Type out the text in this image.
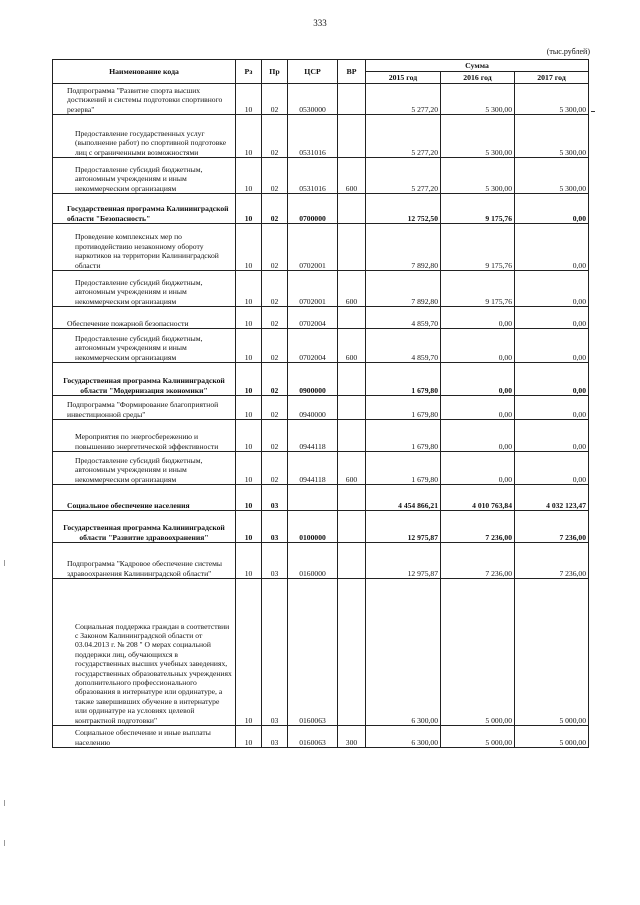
333
(тыс.рублей)
Наименование кода	Рз	Пр	ЦСР	ВР	Сумма		
					2015 год	2016 год	2017 год
Подпрограмма "Развитие спорта высших достижений и системы подготовки спортивного резерва"	10	02	0530000		5 277,20	5 300,00	5 300,00
Предоставление государственных услуг (выполнение работ) по спортивной подготовке лиц с ограниченными возможностями	10	02	0531016		5 277,20	5 300,00	5 300,00
Предоставление субсидий бюджетным, автономным учреждениям и иным некоммерческим организациям	10	02	0531016	600	5 277,20	5 300,00	5 300,00
Государственная программа Калининградской области "Безопасность"	10	02	0700000		12 752,50	9 175,76	0,00
Проведение комплексных мер по противодействию незаконному обороту наркотиков на территории Калининградской области	10	02	0702001		7 892,80	9 175,76	0,00
Предоставление субсидий бюджетным, автономным учреждениям и иным некоммерческим организациям	10	02	0702001	600	7 892,80	9 175,76	0,00
Обеспечение пожарной безопасности	10	02	0702004		4 859,70	0,00	0,00
Предоставление субсидий бюджетным, автономным учреждениям и иным некоммерческим организациям	10	02	0702004	600	4 859,70	0,00	0,00
Государственная программа Калининградской области "Модернизация экономики"	10	02	0900000		1 679,80	0,00	0,00
Подпрограмма "Формирование благоприятной инвестиционной среды"	10	02	0940000		1 679,80	0,00	0,00
Мероприятия по энергосбережению и повышению энергетической эффективности	10	02	0944118		1 679,80	0,00	0,00
Предоставление субсидий бюджетным, автономным учреждениям и иным некоммерческим организациям	10	02	0944118	600	1 679,80	0,00	0,00
Социальное обеспечение населения	10	03			4 454 866,21	4 010 763,84	4 032 123,47
Государственная программа Калининградской области "Развитие здравоохранения"	10	03	0100000		12 975,87	7 236,00	7 236,00
Подпрограмма "Кадровое обеспечение системы здравоохранения Калининградской области"	10	03	0160000		12 975,87	7 236,00	7 236,00
Социальная поддержка граждан в соответствии с Законом Калининградской области от 03.04.2013 г. № 208 " О мерах социальной поддержки лиц, обучающихся в государственных высших учебных заведениях, государственных образовательных учреждениях дополнительного профессионального образования в интернатуре или ординатуре, а также завершивших обучение в интернатуре или ординатуре на условиях целевой контрактной подготовки"	10	03	0160063		6 300,00	5 000,00	5 000,00
Социальное обеспечение и иные выплаты населению	10	03	0160063	300	6 300,00	5 000,00	5 000,00
